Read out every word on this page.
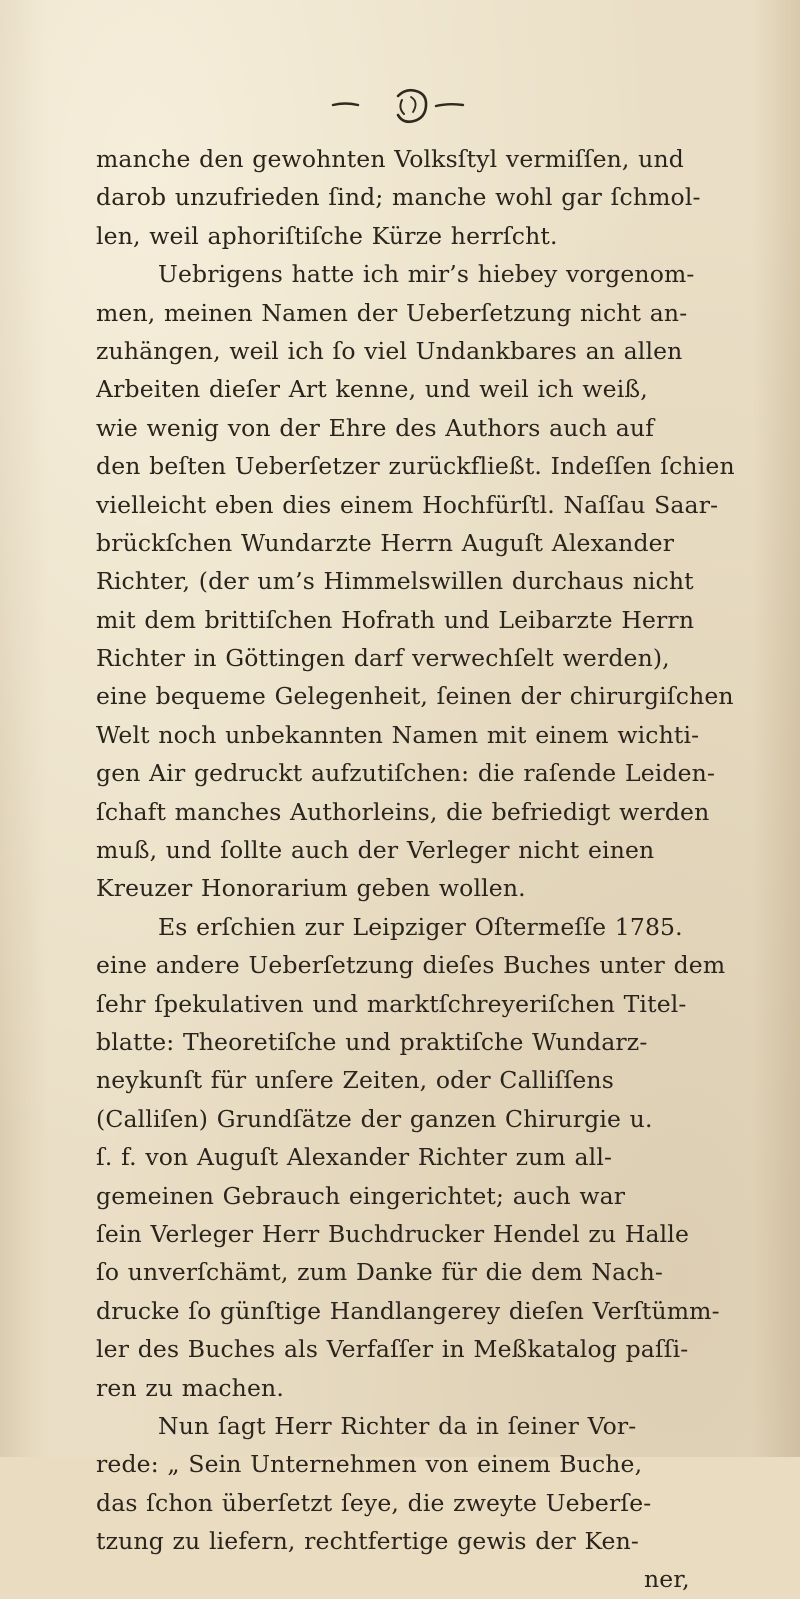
manche den gewohnten Volksſtyl vermiſſen, und
darob unzufrieden ſind; manche wohl gar ſchmol-
len, weil aphoriſtiſche Kürze herrſcht.
Uebrigens hatte ich mir’s hiebey vorgenom-
men, meinen Namen der Ueberſetzung nicht an-
zuhängen, weil ich ſo viel Undankbares an allen
Arbeiten dieſer Art kenne, und weil ich weiß,
wie wenig von der Ehre des Authors auch auf
den beſten Ueberſetzer zurückfließt. Indeſſen ſchien
vielleicht eben dies einem Hochfürſtl. Naſſau Saar-
brückſchen Wundarzte Herrn Auguſt Alexander
Richter, (der um’s Himmelswillen durchaus nicht
mit dem brittiſchen Hofrath und Leibarzte Herrn
Richter in Göttingen darf verwechſelt werden),
eine bequeme Gelegenheit, ſeinen der chirurgiſchen
Welt noch unbekannten Namen mit einem wichti-
gen Air gedruckt aufzutiſchen: die raſende Leiden-
ſchaft manches Authorleins, die befriedigt werden
muß, und ſollte auch der Verleger nicht einen
Kreuzer Honorarium geben wollen.
Es erſchien zur Leipziger Oſtermeſſe 1785.
eine andere Ueberſetzung dieſes Buches unter dem
ſehr ſpekulativen und marktſchreyeriſchen Titel-
blatte: Theoretiſche und praktiſche Wundarz-
neykunſt für unſere Zeiten, oder Calliſſens
(Calliſen) Grundſätze der ganzen Chirurgie u.
ſ. f. von Auguſt Alexander Richter zum all-
gemeinen Gebrauch eingerichtet; auch war
ſein Verleger Herr Buchdrucker Hendel zu Halle
ſo unverſchämt, zum Danke für die dem Nach-
drucke ſo günſtige Handlangerey dieſen Verſtümm-
ler des Buches als Verfaſſer in Meßkatalog paſſi-
ren zu machen.
Nun ſagt Herr Richter da in ſeiner Vor-
rede: „ Sein Unternehmen von einem Buche,
das ſchon überſetzt ſeye, die zweyte Ueberſe-
tzung zu liefern, rechtfertige gewis der Ken-
ner,
